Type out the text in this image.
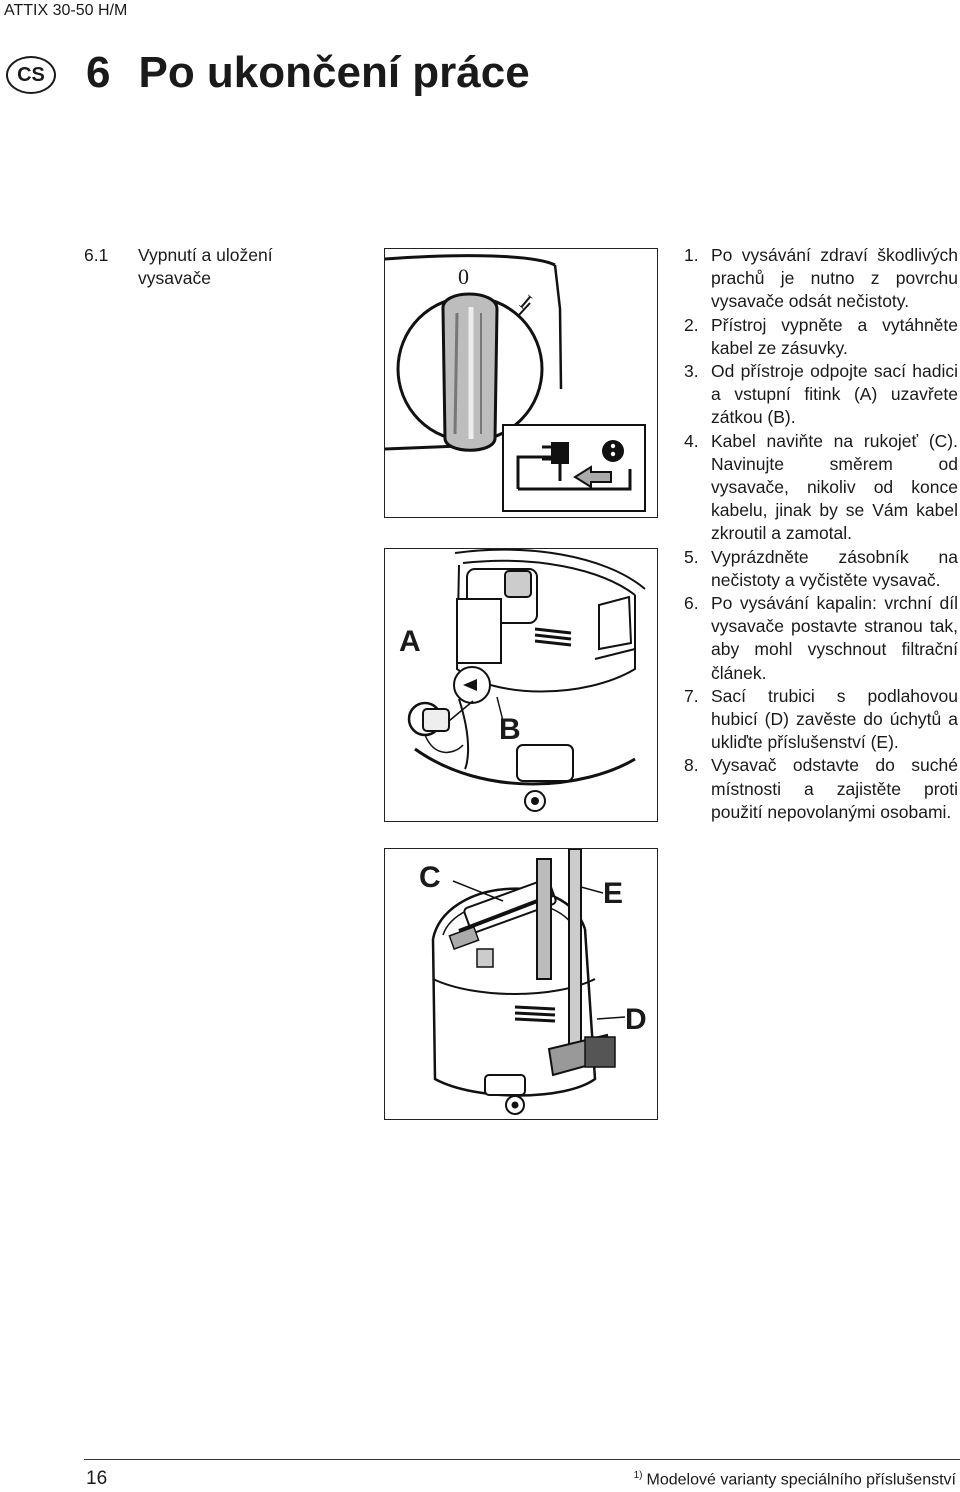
ATTIX 30-50 H/M
CS 6 Po ukončení práce
6.1 Vypnutí a uložení vysavače	0
I
A
B
C	E
D
1. Po vysávání zdraví škodlivých prachů je nutno z povrchu vysavače odsát nečistoty.
2. Přístroj vypněte a vytáhněte kabel ze zásuvky.
3. Od přístroje odpojte sací hadici a vstupní fitink (A) uzavřete zátkou (B).
4. Kabel naviňte na rukojeť (C). Navinujte směrem od vysavače, nikoliv od konce kabelu, jinak by se Vám kabel zkroutil a zamotal.
5. Vyprázdněte zásobník na nečistoty a vyčistěte vysavač.
6. Po vysávání kapalin: vrchní díl vysavače postavte stranou tak, aby mohl vyschnout filtrační článek.
7. Sací trubici s podlahovou hubicí (D) zavěste do úchytů a ukliďte příslušenství (E).
8. Vysavač odstavte do suché místnosti a zajistěte proti použití nepovolanými osobami.
16	$^{1)}$ Modelové varianty speciálního příslušenství
